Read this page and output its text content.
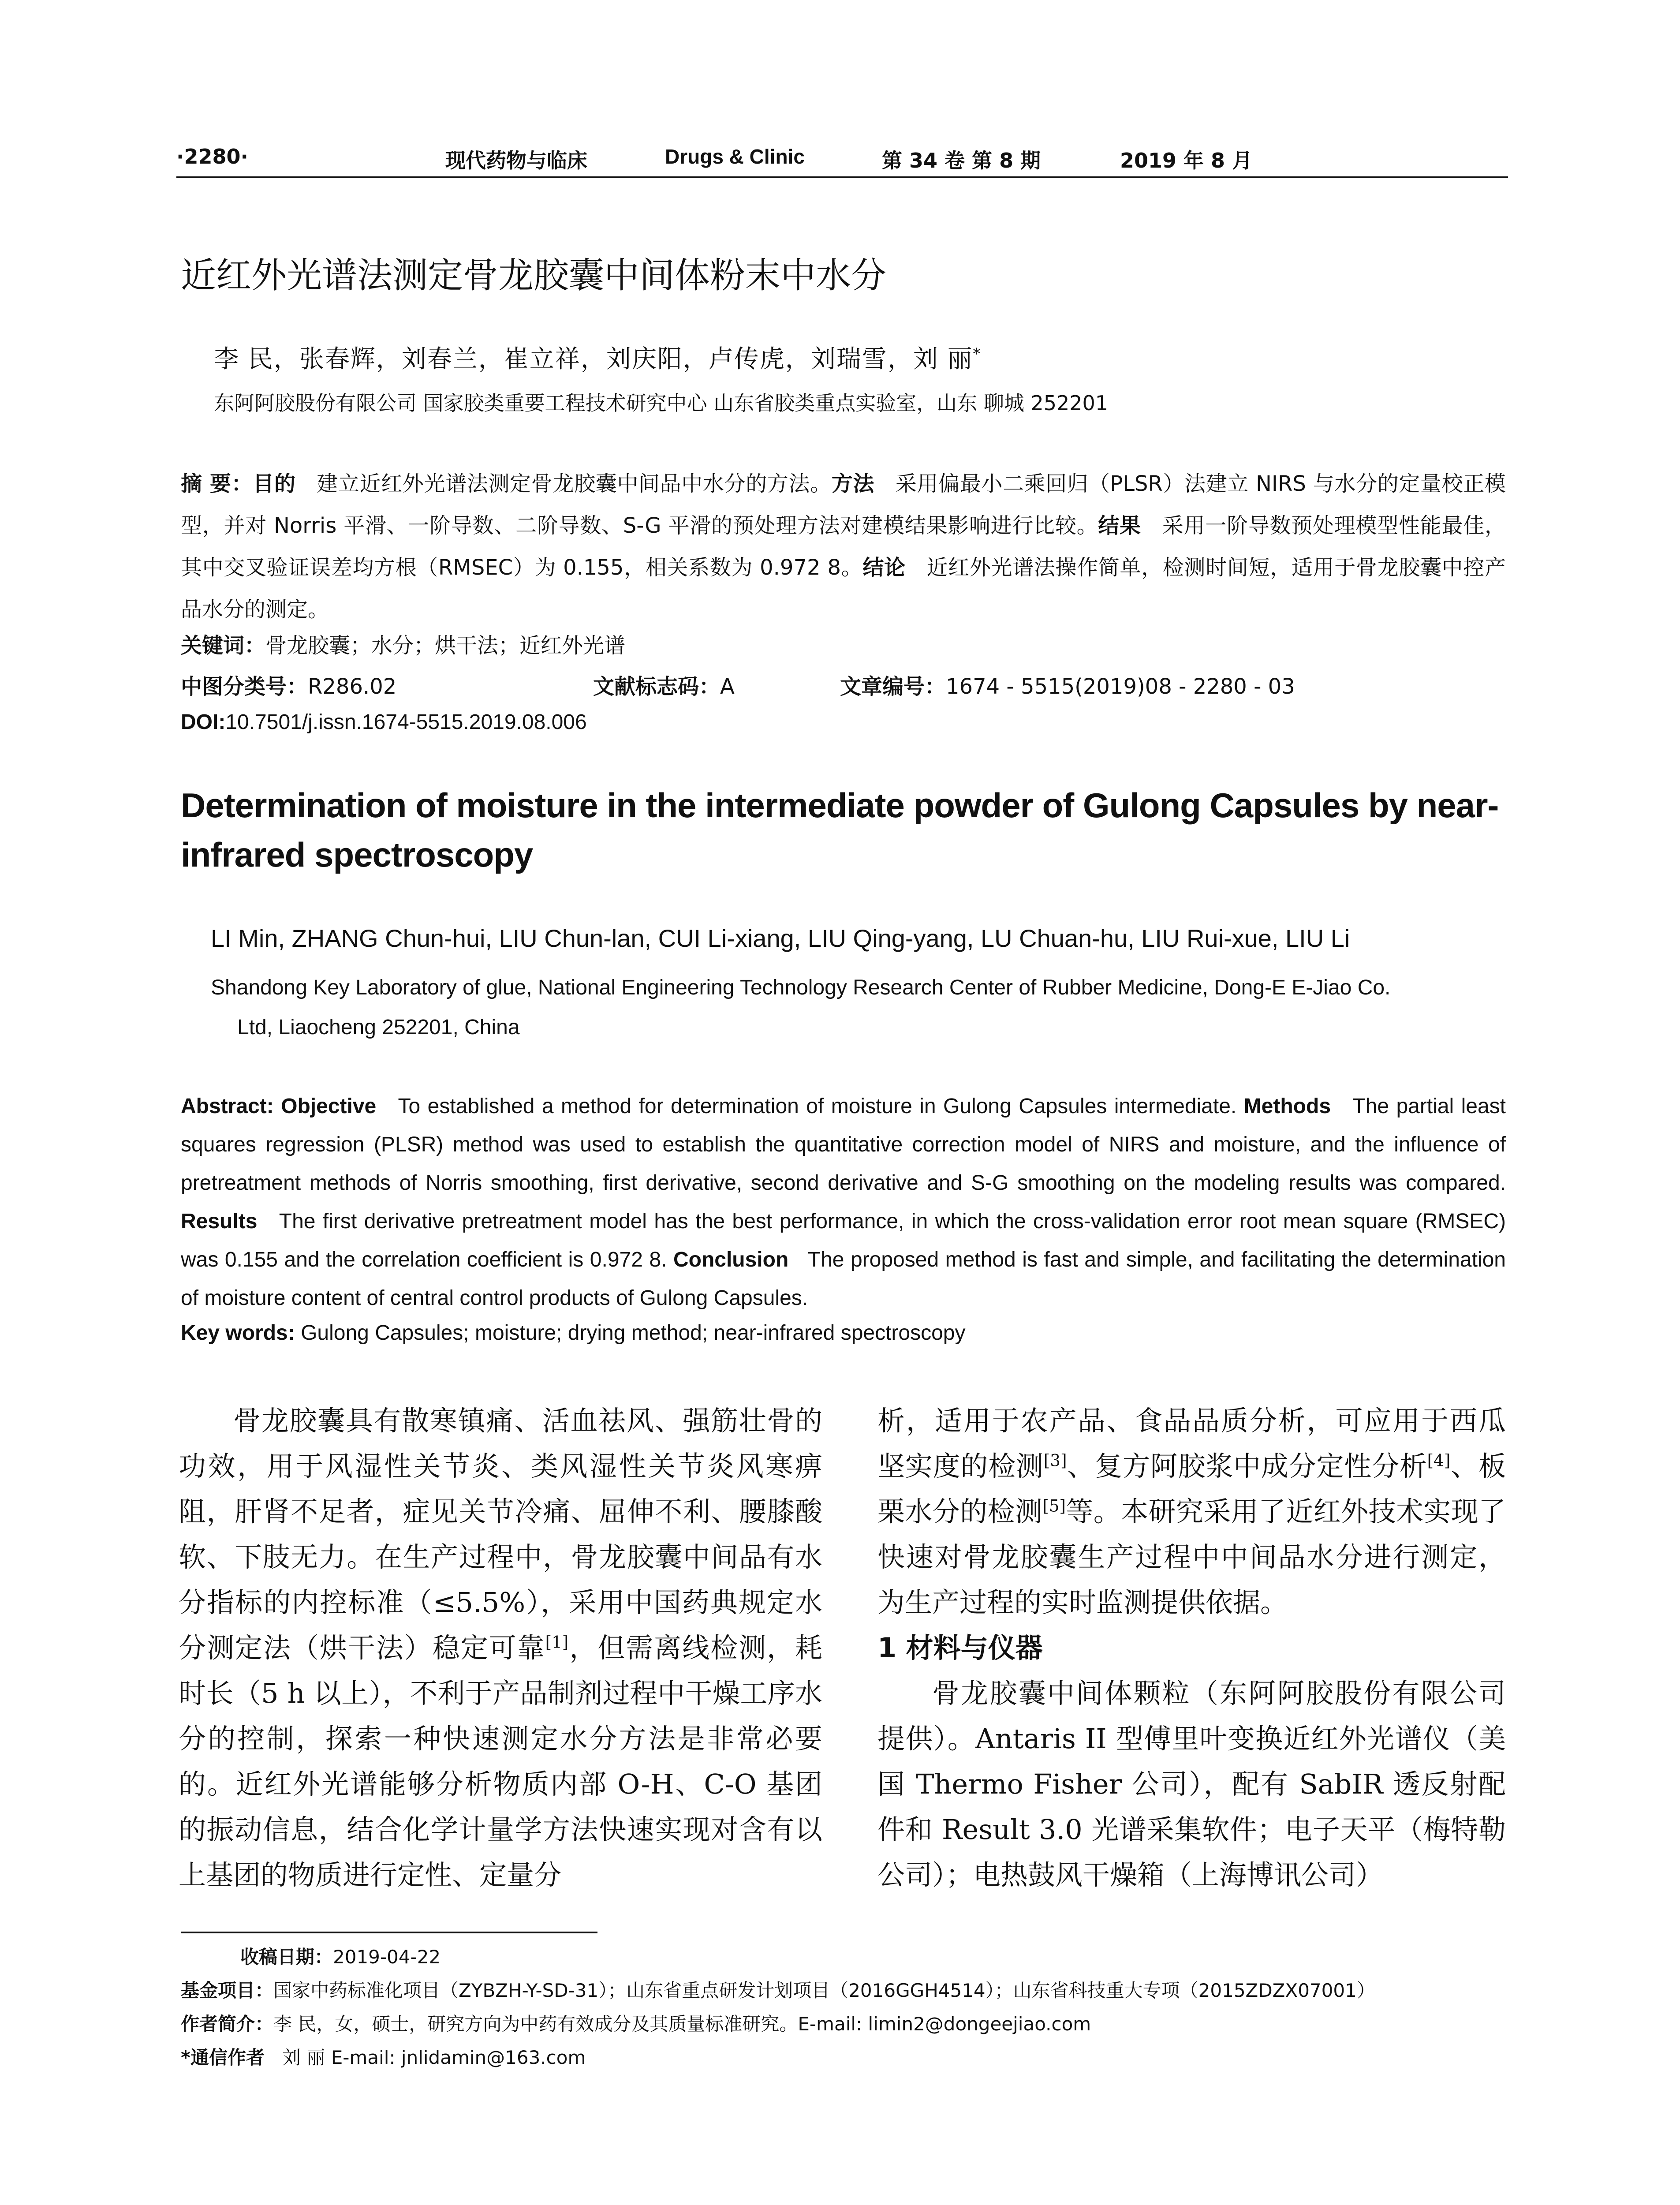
·2280·	现代药物与临床	Drugs & Clinic	第 34 卷 第 8 期	2019 年 8 月
近红外光谱法测定骨龙胶囊中间体粉末中水分
李 民，张春辉，刘春兰，崔立祥，刘庆阳，卢传虎，刘瑞雪，刘 丽*
东阿阿胶股份有限公司 国家胶类重要工程技术研究中心 山东省胶类重点实验室，山东 聊城 252201

摘 要：目的 建立近红外光谱法测定骨龙胶囊中间品中水分的方法。方法 采用偏最小二乘回归（PLSR）法建立 NIRS 与水分的定量校正模型，并对 Norris 平滑、一阶导数、二阶导数、S-G 平滑的预处理方法对建模结果影响进行比较。结果 采用一阶导数预处理模型性能最佳，其中交叉验证误差均方根（RMSEC）为 0.155，相关系数为 0.972 8。结论 近红外光谱法操作简单，检测时间短，适用于骨龙胶囊中控产品水分的测定。

关键词：骨龙胶囊；水分；烘干法；近红外光谱
中图分类号：R286.02	文献标志码：A	文章编号：1674 - 5515(2019)08 - 2280 - 03
DOI:10.7501/j.issn.1674-5515.2019.08.006
Determination of moisture in the intermediate powder of Gulong Capsules by near-infrared spectroscopy
LI Min, ZHANG Chun-hui, LIU Chun-lan, CUI Li-xiang, LIU Qing-yang, LU Chuan-hu, LIU Rui-xue, LIU Li
Shandong Key Laboratory of glue, National Engineering Technology Research Center of Rubber Medicine, Dong-E E-Jiao Co.
Ltd, Liaocheng 252201, China

Abstract: Objective To established a method for determination of moisture in Gulong Capsules intermediate. Methods The partial least squares regression (PLSR) method was used to establish the quantitative correction model of NIRS and moisture, and the influence of pretreatment methods of Norris smoothing, first derivative, second derivative and S-G smoothing on the modeling results was compared. Results The first derivative pretreatment model has the best performance, in which the cross-validation error root mean square (RMSEC) was 0.155 and the correlation coefficient is 0.972 8. Conclusion The proposed method is fast and simple, and facilitating the determination of moisture content of central control products of Gulong Capsules.

Key words: Gulong Capsules; moisture; drying method; near-infrared spectroscopy

骨龙胶囊具有散寒镇痛、活血祛风、强筋壮骨的功效，用于风湿性关节炎、类风湿性关节炎风寒痹阻，肝肾不足者，症见关节冷痛、屈伸不利、腰膝酸软、下肢无力。在生产过程中，骨龙胶囊中间品有水分指标的内控标准（≤5.5%），采用中国药典规定水分测定法（烘干法）稳定可靠[1]，但需离线检测，耗时长（5 h 以上），不利于产品制剂过程中干燥工序水分的控制，探索一种快速测定水分方法是非常必要的。近红外光谱能够分析物质内部 O-H、C-O 基团的振动信息，结合化学计量学方法快速实现对含有以上基团的物质进行定性、定量分

析，适用于农产品、食品品质分析，可应用于西瓜坚实度的检测[3]、复方阿胶浆中成分定性分析[4]、板栗水分的检测[5]等。本研究采用了近红外技术实现了快速对骨龙胶囊生产过程中中间品水分进行测定，为生产过程的实时监测提供依据。

1 材料与仪器

骨龙胶囊中间体颗粒（东阿阿胶股份有限公司提供）。Antaris II 型傅里叶变换近红外光谱仪（美国 Thermo Fisher 公司），配有 SabIR 透反射配件和 Result 3.0 光谱采集软件；电子天平（梅特勒公司）；电热鼓风干燥箱（上海博讯公司）

收稿日期：2019-04-22
基金项目：国家中药标准化项目（ZYBZH-Y-SD-31）；山东省重点研发计划项目（2016GGH4514）；山东省科技重大专项（2015ZDZX07001）
作者简介：李 民，女，硕士，研究方向为中药有效成分及其质量标准研究。E-mail: limin2@dongeejiao.com
*通信作者 刘 丽 E-mail: jnlidamin@163.com
